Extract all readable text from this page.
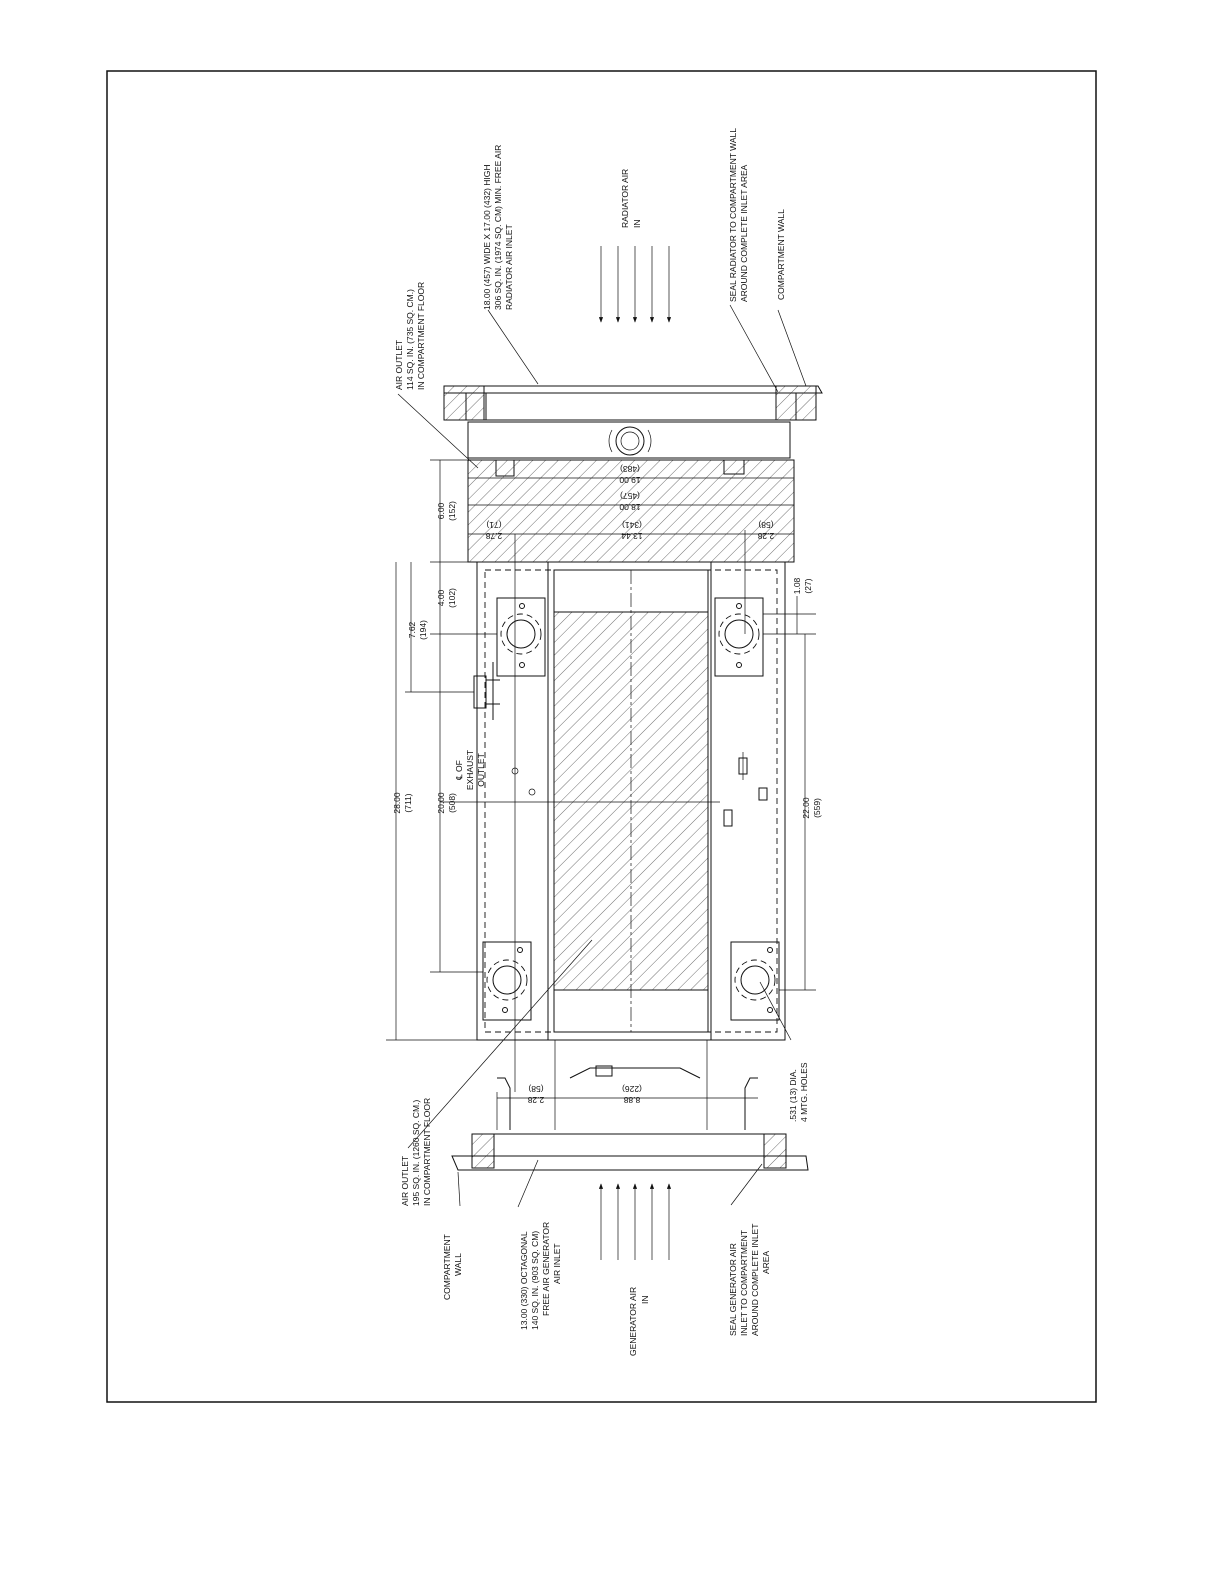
AIR OUTLET 114 SQ. IN. (735 SQ. CM.) IN COMPARTMENT FLOOR
18.00 (457) WIDE X 17.00 (432) HIGH 306 SQ. IN. (1974 SQ. CM) MIN. FREE AIR RADIATOR AIR INLET
RADIATOR AIR IN	SEAL RADIATOR TO COMPARTMENT WALL AROUND COMPLETE INLET AREA	COMPARTMENT WALL
℄ OF EXHAUST OUTLET
.531 (13) DIA. 4 MTG. HOLES
AIR OUTLET 195 SQ. IN. (1260 SQ. CM.) IN COMPARTMENT FLOOR
COMPARTMENT WALL	13.00 (330) OCTAGONAL 140 SQ. IN. (903 SQ. CM) FREE AIR GENERATOR AIR INLET
GENERATOR AIR IN	SEAL GENERATOR AIR INLET TO COMPARTMENT AROUND COMPLETE INLET AREA
6.00 (152)
4.00 (102)
7.62 (194)
28.00 (711)	20.00 (508)
1.08 (27)
22.00 (559)
2.78
(71)
13.44
(341)
2.28
(58)
18.00
(457)
19.00
(483)
2.28
(58)
8.88
(226)
